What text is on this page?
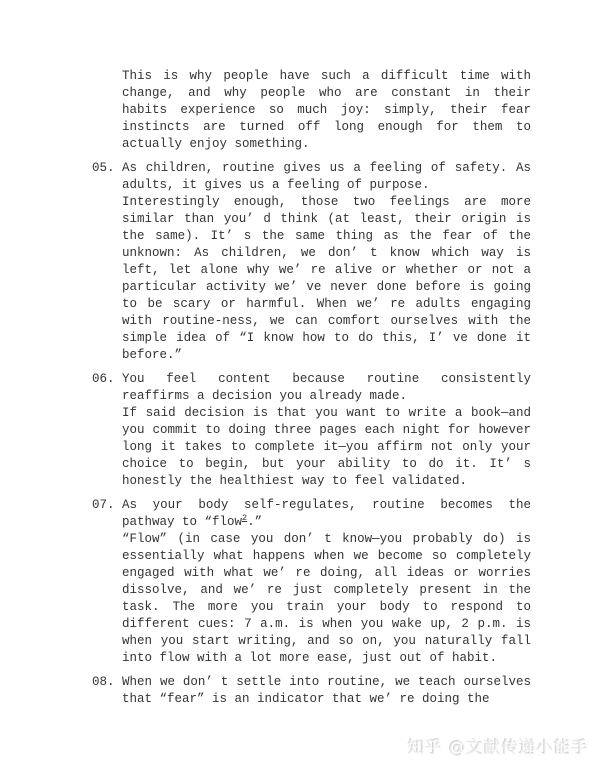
This is why people have such a difficult time with change, and why people who are constant in their habits experience so much joy: simply, their fear instincts are turned off long enough for them to actually enjoy something.
05. As children, routine gives us a feeling of safety. As adults, it gives us a feeling of purpose.
Interestingly enough, those two feelings are more similar than you’ d think (at least, their origin is the same). It’ s the same thing as the fear of the unknown: As children, we don’ t know which way is left, let alone why we’ re alive or whether or not a particular activity we’ ve never done before is going to be scary or harmful. When we’ re adults engaging with routine-ness, we can comfort ourselves with the simple idea of “I know how to do this, I’ ve done it before.”
06. You feel content because routine consistently reaffirms a decision you already made.
If said decision is that you want to write a book—and you commit to doing three pages each night for however long it takes to complete it—you affirm not only your choice to begin, but your ability to do it. It’ s honestly the healthiest way to feel validated.
07. As your body self-regulates, routine becomes the pathway to “flow$^2$.”
“Flow” (in case you don’ t know—you probably do) is essentially what happens when we become so completely engaged with what we’ re doing, all ideas or worries dissolve, and we’ re just completely present in the task. The more you train your body to respond to different cues: 7 a.m. is when you wake up, 2 p.m. is when you start writing, and so on, you naturally fall into flow with a lot more ease, just out of habit.
08. When we don’ t settle into routine, we teach ourselves that “fear” is an indicator that we’ re doing the
知乎 @文献传递小能手
